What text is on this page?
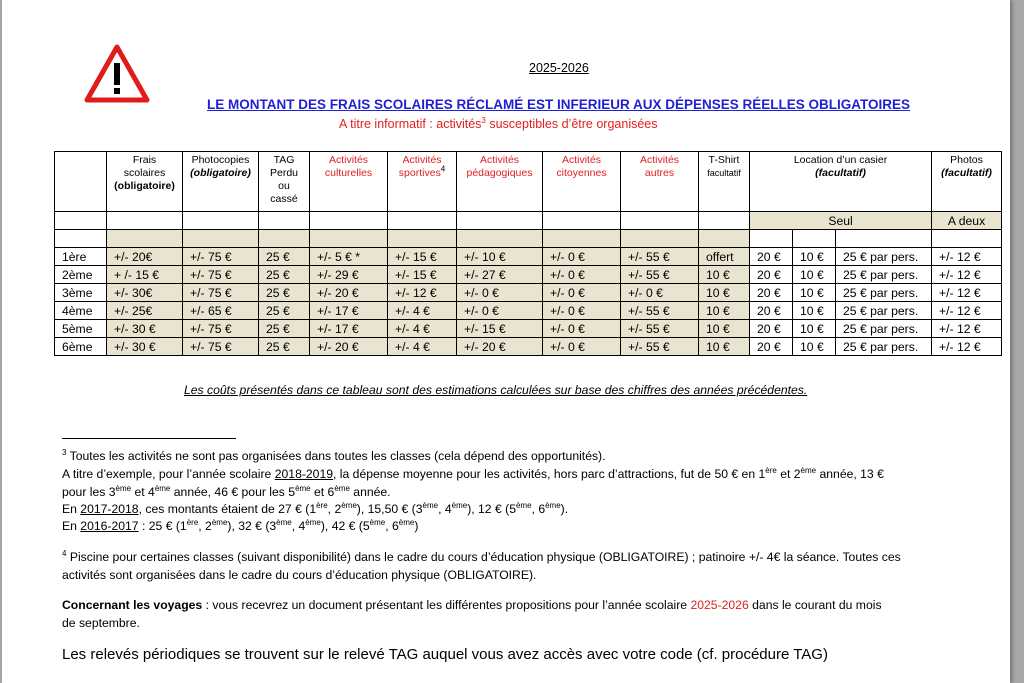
2025-2026
LE MONTANT DES FRAIS SCOLAIRES RÉCLAMÉ EST INFERIEUR AUX DÉPENSES RÉELLES OBLIGATOIRES
A titre informatif : activités$^3$ susceptibles d’être organisées
	Frais
scolaires
(obligatoire)	Photocopies
(obligatoire)	TAG
Perdu
ou
cassé	Activités
culturelles	Activités
sportives$^4$	Activités
pédagogiques	Activités
citoyennes	Activités
autres	T-Shirt
facultatif	Location d’un casier
(facultatif)			Photos
(facultatif)
										Seul			A deux

1ère	+/- 20€	+/- 75 €	25 €	+/- 5 € *	+/- 15 €	+/- 10 €	+/- 0 €	+/- 55 €	offert	20 €	10 €	25 € par pers.	+/- 12 €
2ème	+ /- 15 €	+/- 75 €	25 €	+/- 29 €	+/- 15 €	+/- 27 €	+/- 0 €	+/- 55 €	10 €	20 €	10 €	25 € par pers.	+/- 12 €
3ème	+/- 30€	+/- 75 €	25 €	+/- 20 €	+/- 12 €	+/- 0 €	+/- 0 €	+/- 0 €	10 €	20 €	10 €	25 € par pers.	+/- 12 €
4ème	+/- 25€	+/- 65 €	25 €	+/- 17 €	+/- 4 €	+/- 0 €	+/- 0 €	+/- 55 €	10 €	20 €	10 €	25 € par pers.	+/- 12 €
5ème	+/- 30 €	+/- 75 €	25 €	+/- 17 €	+/- 4 €	+/- 15 €	+/- 0 €	+/- 55 €	10 €	20 €	10 €	25 € par pers.	+/- 12 €
6ème	+/- 30 €	+/- 75 €	25 €	+/- 20 €	+/- 4 €	+/- 20 €	+/- 0 €	+/- 55 €	10 €	20 €	10 €	25 € par pers.	+/- 12 €
Les coûts présentés dans ce tableau sont des estimations calculées sur base des chiffres des années précédentes.
$^3$ Toutes les activités ne sont pas organisées dans toutes les classes (cela dépend des opportunités).
A titre d’exemple, pour l’année scolaire 2018-2019, la dépense moyenne pour les activités, hors parc d’attractions, fut de 50 € en 1ère et 2ème année, 13 €
pour les 3ème et 4ème année, 46 € pour les 5ème et 6ème année.
En 2017-2018, ces montants étaient de 27 € (1ère, 2ème), 15,50 € (3ème, 4ème), 12 € (5ème, 6ème).
En 2016-2017 : 25 € (1ère, 2ème), 32 € (3ème, 4ème), 42 € (5ème, 6ème)
$^4$ Piscine pour certaines classes (suivant disponibilité) dans le cadre du cours d’éducation physique (OBLIGATOIRE) ; patinoire +/- 4€ la séance. Toutes ces
activités sont organisées dans le cadre du cours d’éducation physique (OBLIGATOIRE).
Concernant les voyages : vous recevrez un document présentant les différentes propositions pour l’année scolaire 2025-2026 dans le courant du mois
de septembre.
Les relevés périodiques se trouvent sur le relevé TAG auquel vous avez accès avec votre code (cf. procédure TAG)
